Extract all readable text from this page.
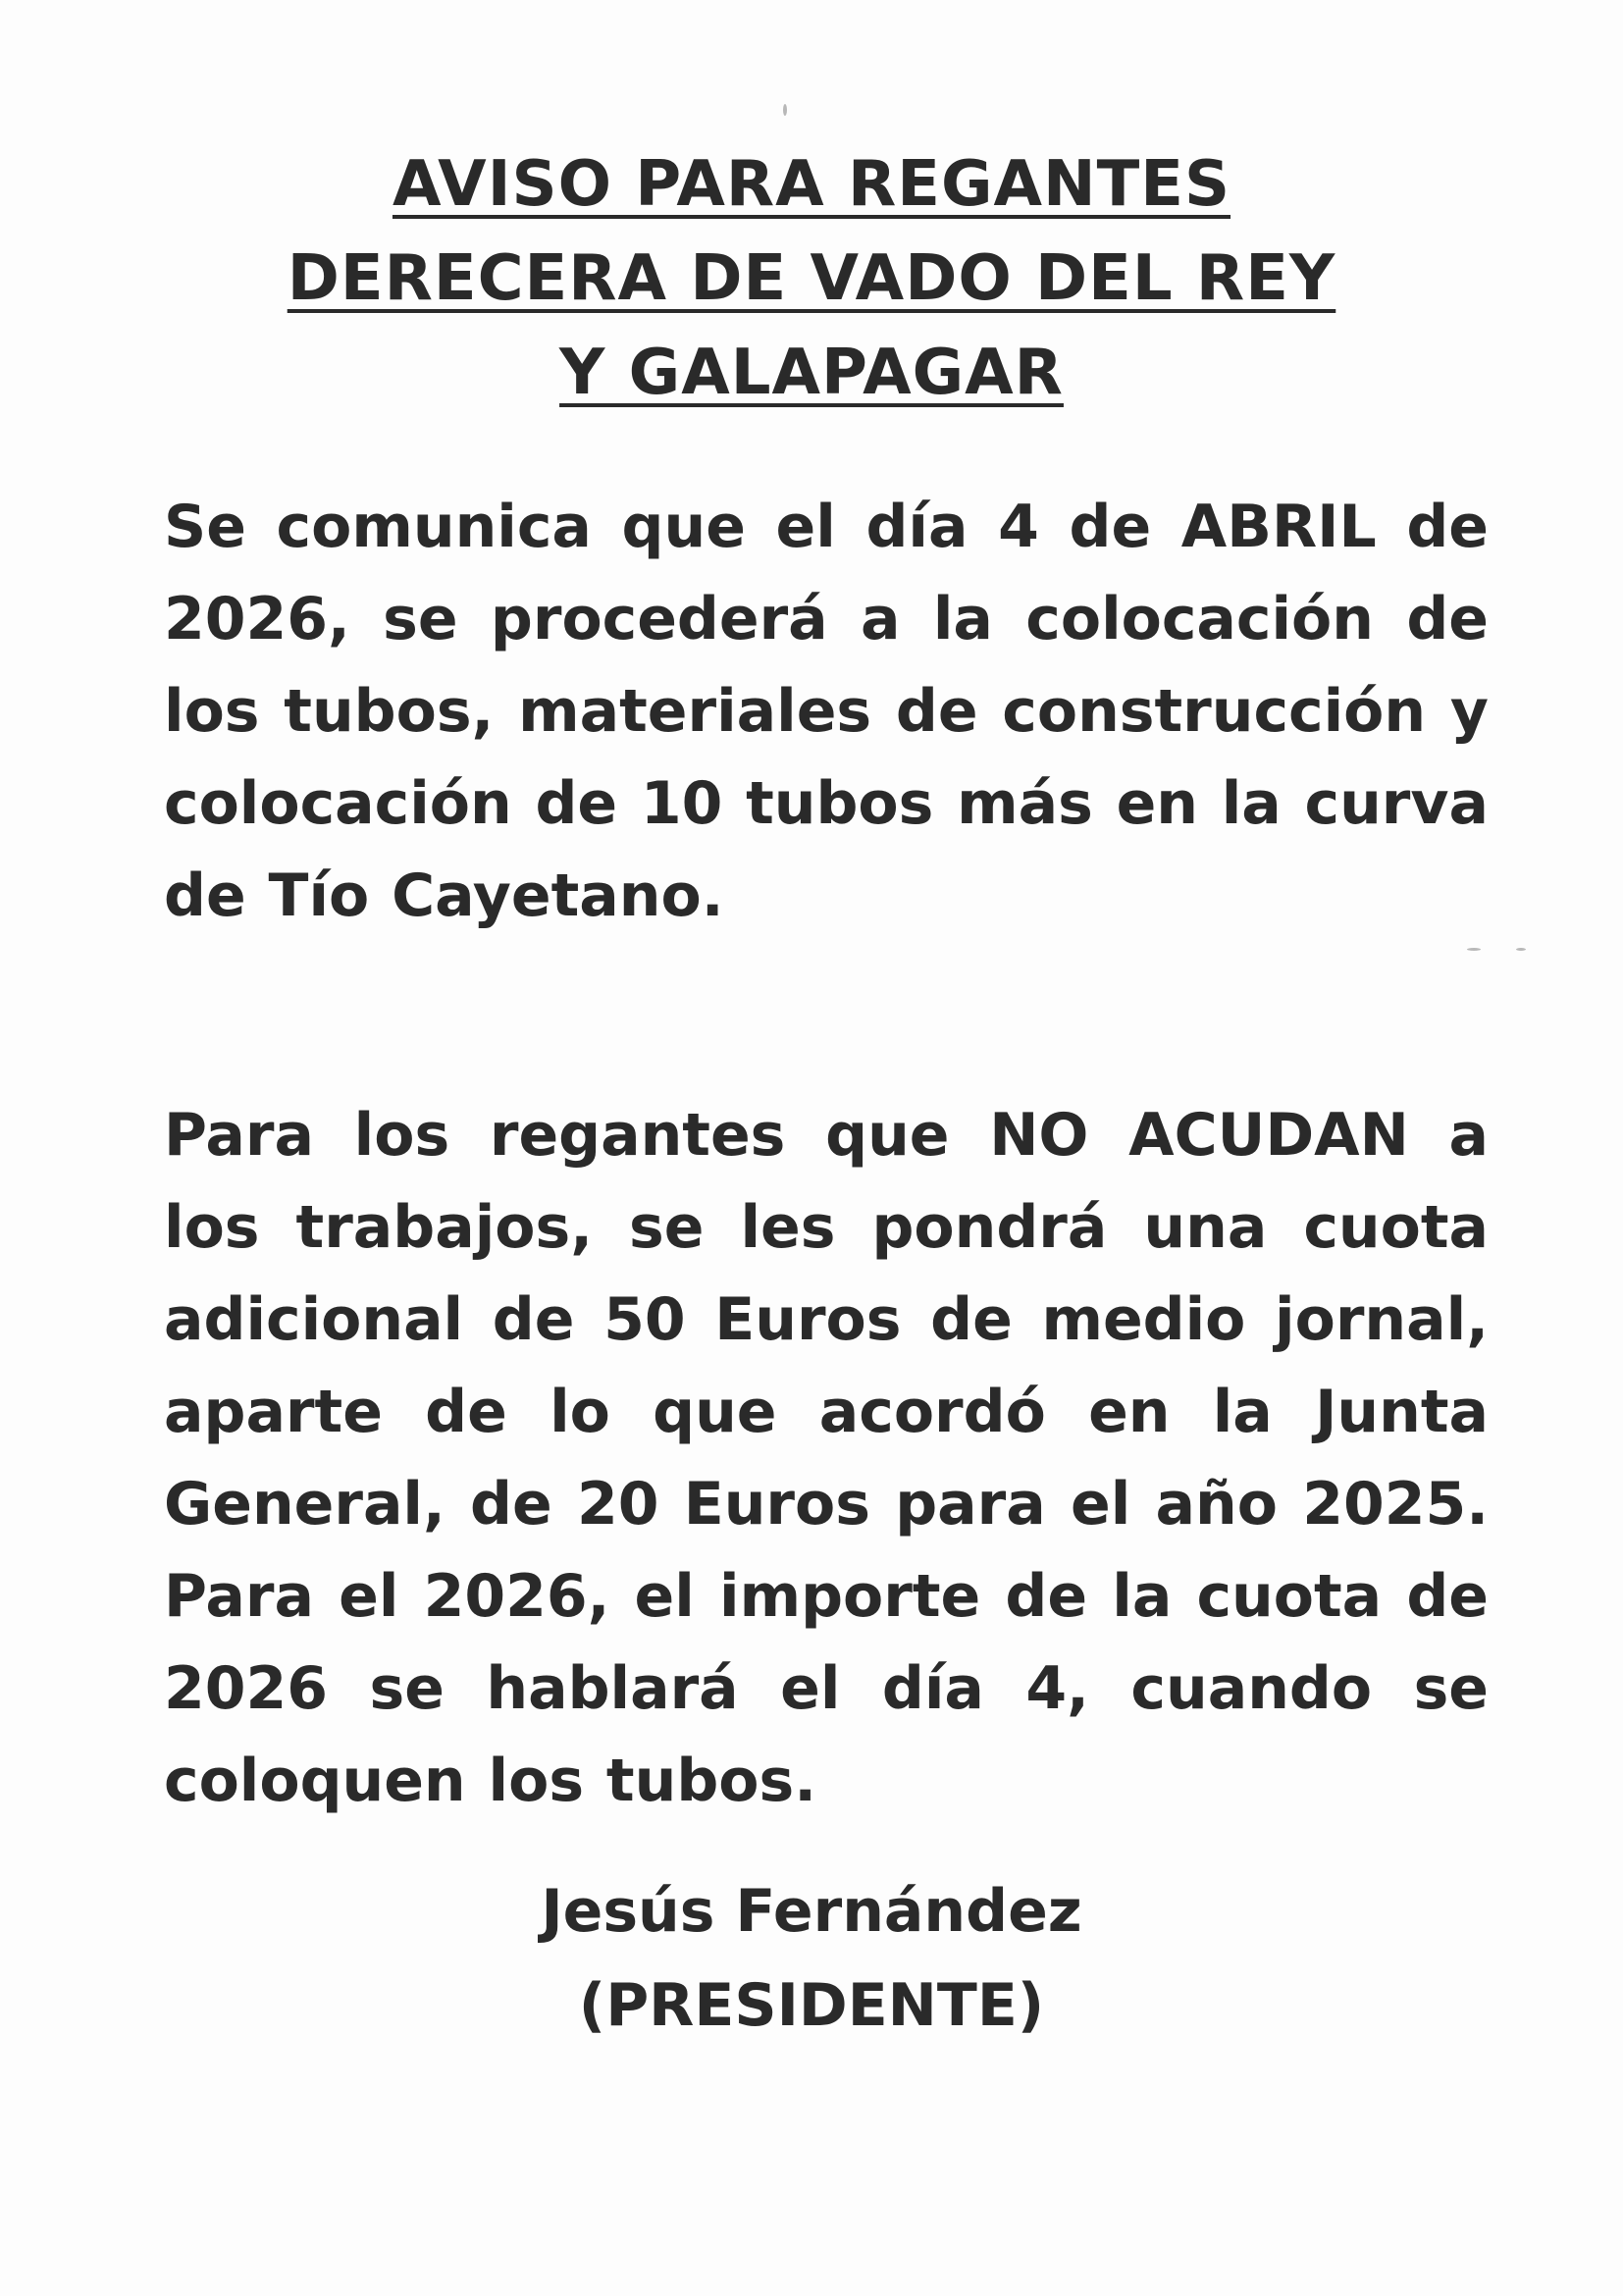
AVISO PARA REGANTES
DERECERA DE VADO DEL REY
Y GALAPAGAR

Se comunica que el día 4 de ABRIL de 2026, se procederá a la colocación de los tubos, materiales de construcción y colocación de 10 tubos más en la curva de Tío Cayetano.

Para los regantes que NO ACUDAN a los trabajos, se les pondrá una cuota adicional de 50 Euros de medio jornal, aparte de lo que acordó en la Junta General, de 20 Euros para el año 2025. Para el 2026, el importe de la cuota de 2026 se hablará el día 4, cuando se coloquen los tubos.

Jesús Fernández
(PRESIDENTE)
